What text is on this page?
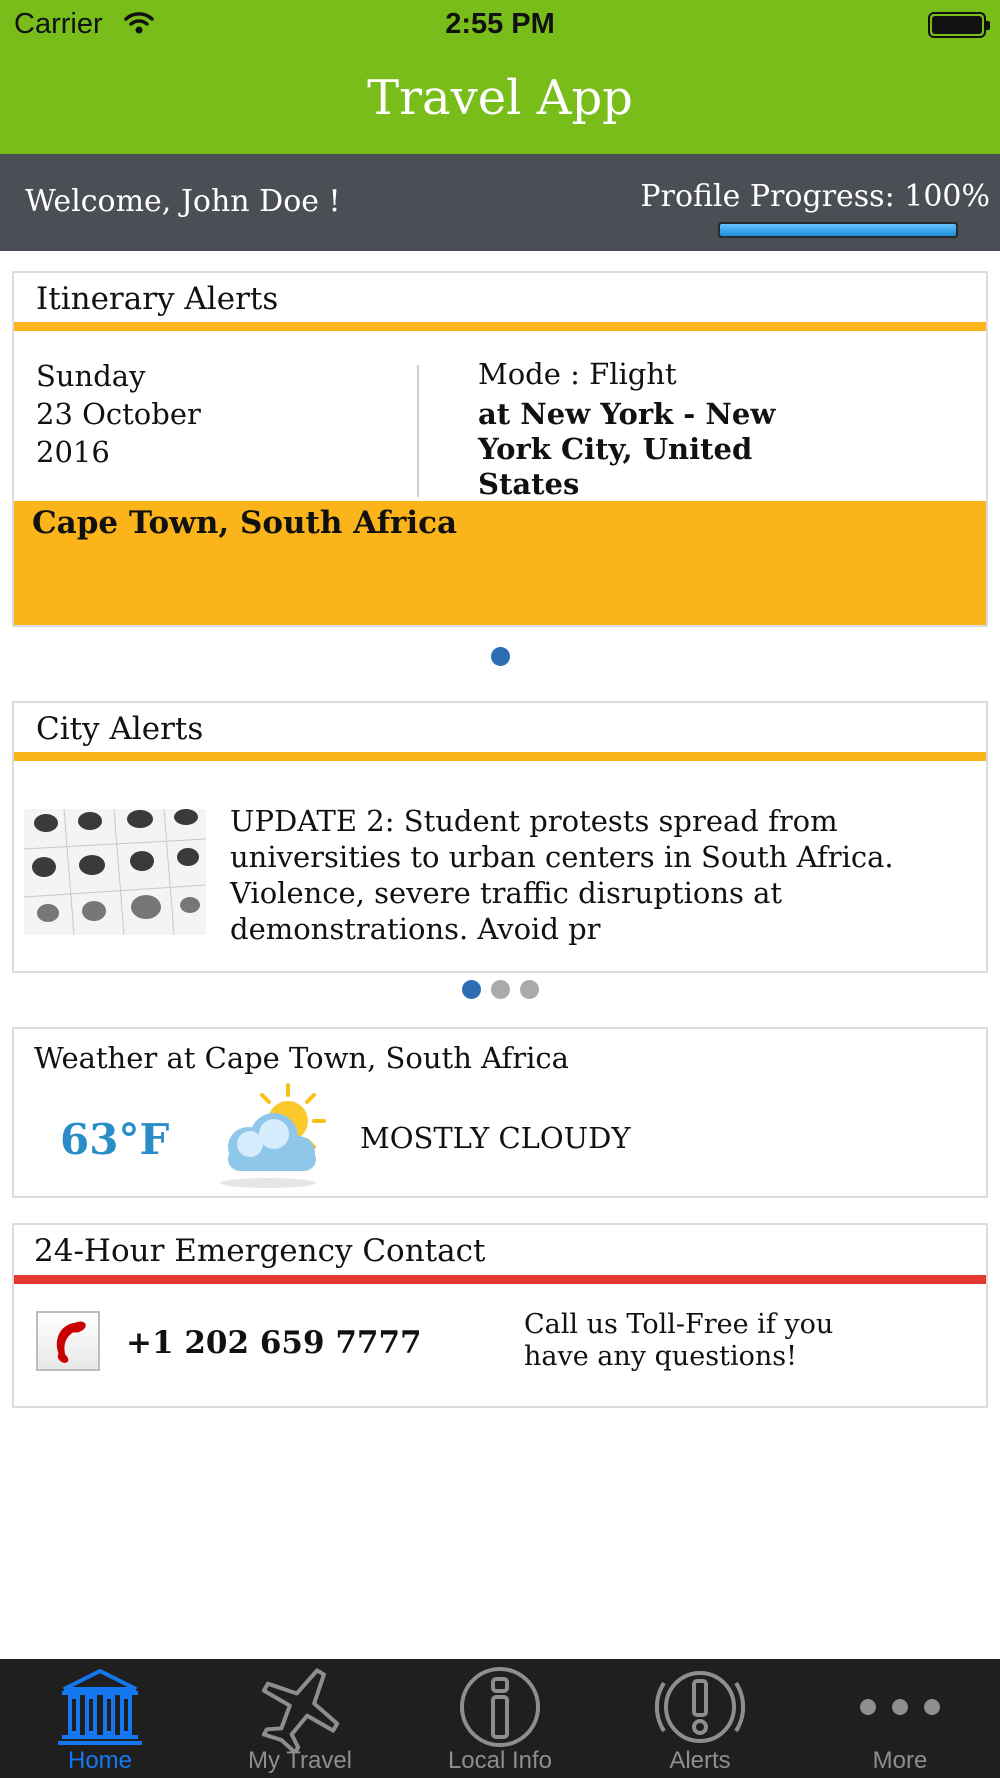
Carrier	2:55 PM
Travel App
Welcome, John Doe !	Profile Progress: 100%
Itinerary Alerts
Sunday
23 October
2016
Mode : Flight
at New York - New York City, United States
Cape Town, South Africa
City Alerts
UPDATE 2: Student protests spread from universities to urban centers in South Africa. Violence, severe traffic disruptions at demonstrations. Avoid pr
Weather at Cape Town, South Africa
63°F	MOSTLY CLOUDY
24-Hour Emergency Contact
+1 202 659 7777
Call us Toll-Free if you have any questions!
Home	My Travel	Local Info	Alerts	More
